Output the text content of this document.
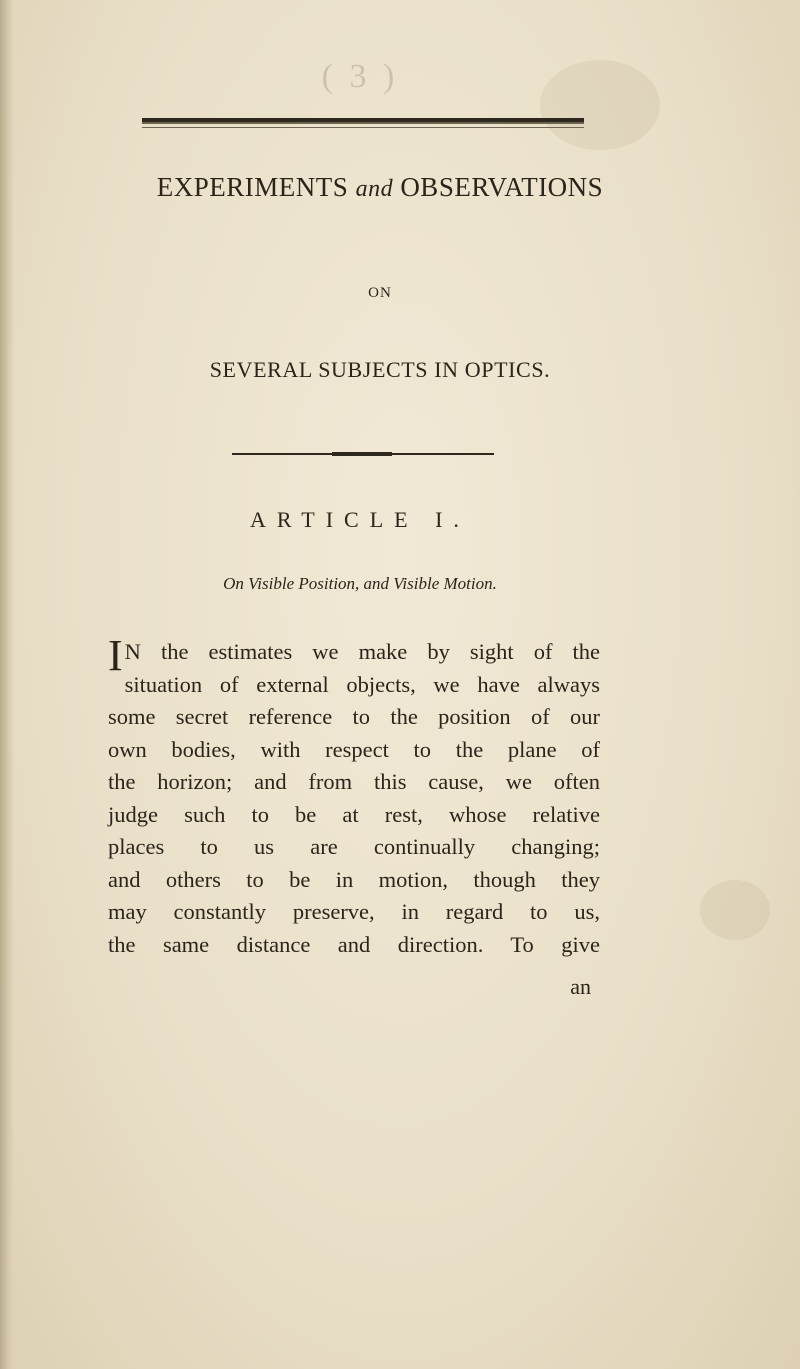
( 3 )
EXPERIMENTS and OBSERVATIONS
ON
SEVERAL SUBJECTS IN OPTICS.
ARTICLE I.
On Visible Position, and Visible Motion.
I N the estimates we make by sight of the
situation of external objects, we have always
some secret reference to the position of our
own bodies, with respect to the plane of
the horizon; and from this cause, we often
judge such to be at rest, whose relative
places to us are continually changing;
and others to be in motion, though they
may constantly preserve, in regard to us,
the same distance and direction. To give
an
